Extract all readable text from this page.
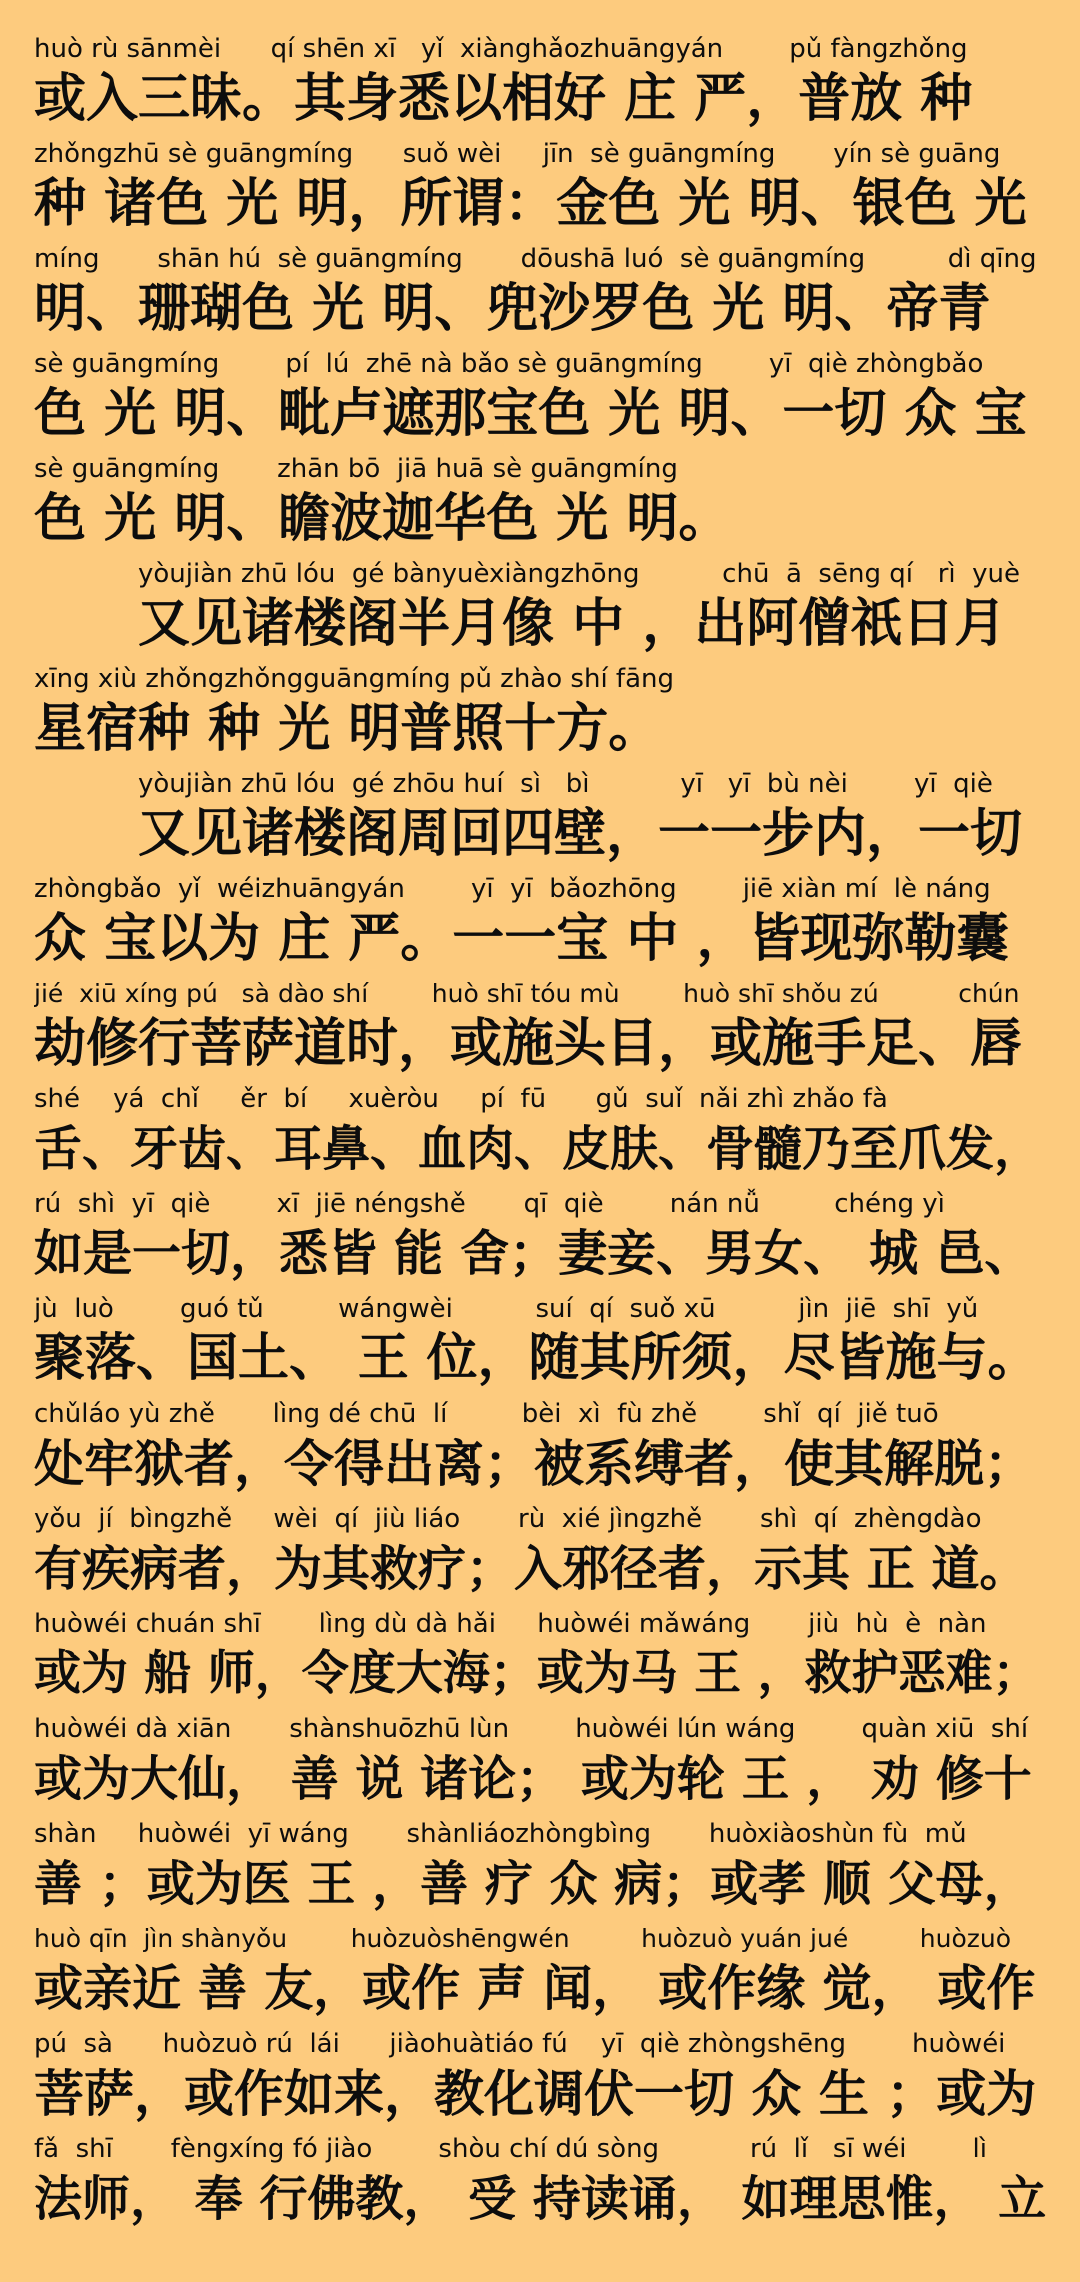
huò rù sānmèi      qí shēn xī   yǐ  xiànghǎozhuāngyán        pǔ fàngzhǒng
或入三昧。其身悉以相好 庄 严，普放 种
zhǒngzhū sè guāngmíng      suǒ wèi     jīn  sè guāngmíng       yín sè guāng
种 诸色 光 明，所谓：金色 光 明、银色 光
míng       shān hú  sè guāngmíng       dōushā luó  sè guāngmíng          dì qīng
明、珊瑚色 光 明、兜沙罗色 光 明、帝青
sè guāngmíng        pí  lú  zhē nà bǎo sè guāngmíng        yī  qiè zhòngbǎo
色 光 明、毗卢遮那宝色 光 明、一切 众 宝
sè guāngmíng       zhān bō  jiā huā sè guāngmíng
色 光 明、瞻波迦华色 光 明。
yòujiàn zhū lóu  gé bànyuèxiàngzhōng          chū  ā  sēng qí   rì  yuè
又见诸楼阁半月像 中 ，出阿僧祇日月
xīng xiù zhǒngzhǒngguāngmíng pǔ zhào shí fāng
星宿种 种 光 明普照十方。
yòujiàn zhū lóu  gé zhōu huí  sì   bì           yī   yī  bù nèi        yī  qiè
又见诸楼阁周回四壁，一一步内，一切
zhòngbǎo  yǐ  wéizhuāngyán        yī  yī  bǎozhōng        jiē xiàn mí  lè náng
众 宝以为 庄 严。一一宝 中 ，皆现弥勒囊
jié  xiū xíng pú   sà dào shí        huò shī tóu mù        huò shī shǒu zú          chún
劫修行菩萨道时，或施头目，或施手足、唇
shé    yá  chǐ     ěr  bí     xuèròu     pí  fū      gǔ  suǐ  nǎi zhì zhǎo fà
舌、牙齿、耳鼻、血肉、皮肤、骨髓乃至爪发，
rú  shì  yī  qiè        xī  jiē néngshě       qī  qiè        nán nǚ         chéng yì
如是一切，悉皆 能 舍；妻妾、男女、 城 邑、
jù  luò        guó tǔ         wángwèi          suí  qí  suǒ xū          jìn  jiē  shī  yǔ
聚落、国土、 王 位，随其所须，尽皆施与。
chǔláo yù zhě       lìng dé chū  lí         bèi  xì  fù zhě        shǐ  qí  jiě tuō
处牢狱者，令得出离；被系缚者，使其解脱；
yǒu  jí  bìngzhě     wèi  qí  jiù liáo       rù  xié jìngzhě       shì  qí  zhèngdào
有疾病者，为其救疗；入邪径者，示其 正 道。
huòwéi chuán shī       lìng dù dà hǎi     huòwéi mǎwáng       jiù  hù  è  nàn
或为 船 师，令度大海；或为马 王 ，救护恶难；
huòwéi dà xiān       shànshuōzhū lùn        huòwéi lún wáng        quàn xiū  shí
或为大仙， 善 说 诸论； 或为轮 王 ， 劝 修十
shàn     huòwéi  yī wáng       shànliáozhòngbìng       huòxiàoshùn fù  mǔ
善 ；或为医 王 ，善 疗 众 病；或孝 顺 父母，
huò qīn  jìn shànyǒu        huòzuòshēngwén         huòzuò yuán jué         huòzuò
或亲近 善 友，或作 声 闻， 或作缘 觉， 或作
pú  sà      huòzuò rú  lái      jiàohuàtiáo fú    yī  qiè zhòngshēng        huòwéi
菩萨，或作如来，教化调伏一切 众 生 ；或为
fǎ  shī       fèngxíng fó jiào        shòu chí dú sòng           rú  lǐ   sī wéi        lì
法师， 奉 行佛教， 受 持读诵， 如理思惟， 立
